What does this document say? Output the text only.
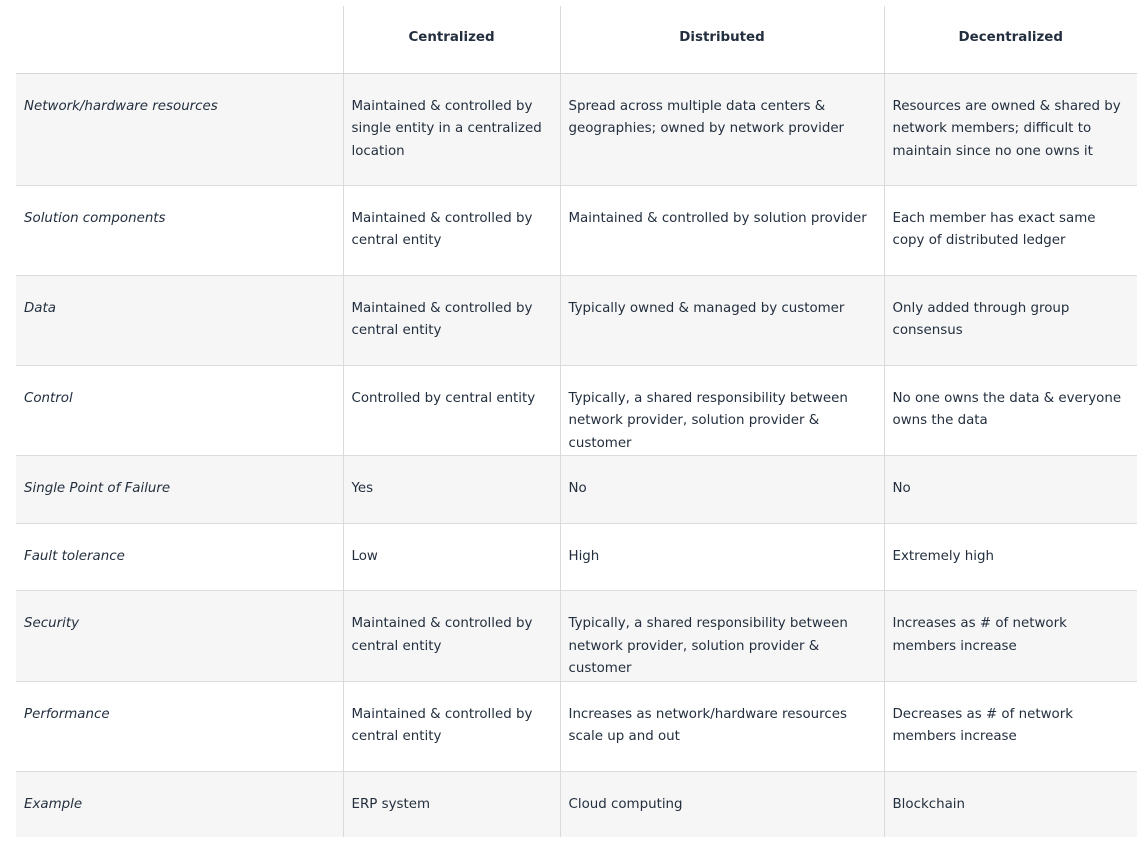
	Centralized	Distributed	Decentralized
Network/hardware resources	Maintained & controlled by single entity in a centralized location	Spread across multiple data centers & geographies; owned by network provider	Resources are owned & shared by network members; difficult to maintain since no one owns it
Solution components	Maintained & controlled by central entity	Maintained & controlled by solution provider	Each member has exact same copy of distributed ledger
Data	Maintained & controlled by central entity	Typically owned & managed by customer	Only added through group consensus
Control	Controlled by central entity	Typically, a shared responsibility between network provider, solution provider & customer	No one owns the data & everyone owns the data
Single Point of Failure	Yes	No	No
Fault tolerance	Low	High	Extremely high
Security	Maintained & controlled by central entity	Typically, a shared responsibility between network provider, solution provider & customer	Increases as # of network members increase
Performance	Maintained & controlled by central entity	Increases as network/hardware resources scale up and out	Decreases as # of network members increase
Example	ERP system	Cloud computing	Blockchain
